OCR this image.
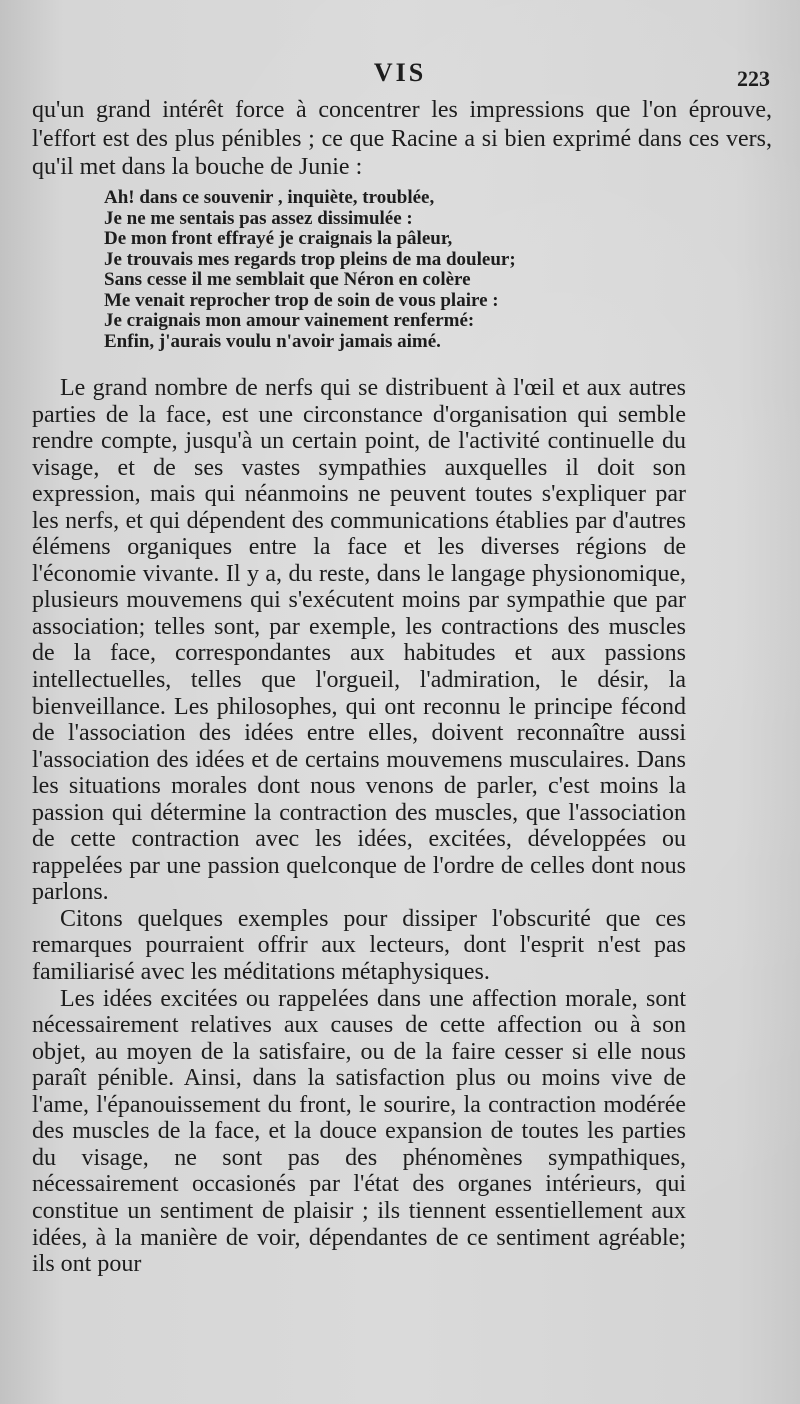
VIS	223

qu'un grand intérêt force à concentrer les impressions que l'on éprouve, l'effort est des plus pénibles ; ce que Racine a si bien exprimé dans ces vers, qu'il met dans la bouche de Junie :

Ah! dans ce souvenir , inquiète, troublée,
Je ne me sentais pas assez dissimulée :
De mon front effrayé je craignais la pâleur,
Je trouvais mes regards trop pleins de ma douleur;
Sans cesse il me semblait que Néron en colère
Me venait reprocher trop de soin de vous plaire :
Je craignais mon amour vainement renfermé:
Enfin, j'aurais voulu n'avoir jamais aimé.

Le grand nombre de nerfs qui se distribuent à l'œil et aux autres parties de la face, est une circonstance d'organisation qui semble rendre compte, jusqu'à un certain point, de l'activité continuelle du visage, et de ses vastes sympathies auxquelles il doit son expression, mais qui néanmoins ne peuvent toutes s'expliquer par les nerfs, et qui dépendent des communications établies par d'autres élémens organiques entre la face et les diverses régions de l'économie vivante. Il y a, du reste, dans le langage physionomique, plusieurs mouvemens qui s'exécutent moins par sympathie que par association; telles sont, par exemple, les contractions des muscles de la face, correspondantes aux habitudes et aux passions intellectuelles, telles que l'orgueil, l'admiration, le désir, la bienveillance. Les philosophes, qui ont reconnu le principe fécond de l'association des idées entre elles, doivent reconnaître aussi l'association des idées et de certains mouvemens musculaires. Dans les situations morales dont nous venons de parler, c'est moins la passion qui détermine la contraction des muscles, que l'association de cette contraction avec les idées, excitées, développées ou rappelées par une passion quelconque de l'ordre de celles dont nous parlons.

Citons quelques exemples pour dissiper l'obscurité que ces remarques pourraient offrir aux lecteurs, dont l'esprit n'est pas familiarisé avec les méditations métaphysiques.

Les idées excitées ou rappelées dans une affection morale, sont nécessairement relatives aux causes de cette affection ou à son objet, au moyen de la satisfaire, ou de la faire cesser si elle nous paraît pénible. Ainsi, dans la satisfaction plus ou moins vive de l'ame, l'épanouissement du front, le sourire, la contraction modérée des muscles de la face, et la douce expansion de toutes les parties du visage, ne sont pas des phénomènes sympathiques, nécessairement occasionés par l'état des organes intérieurs, qui constitue un sentiment de plaisir ; ils tiennent essentiellement aux idées, à la manière de voir, dépendantes de ce sentiment agréable; ils ont pour
